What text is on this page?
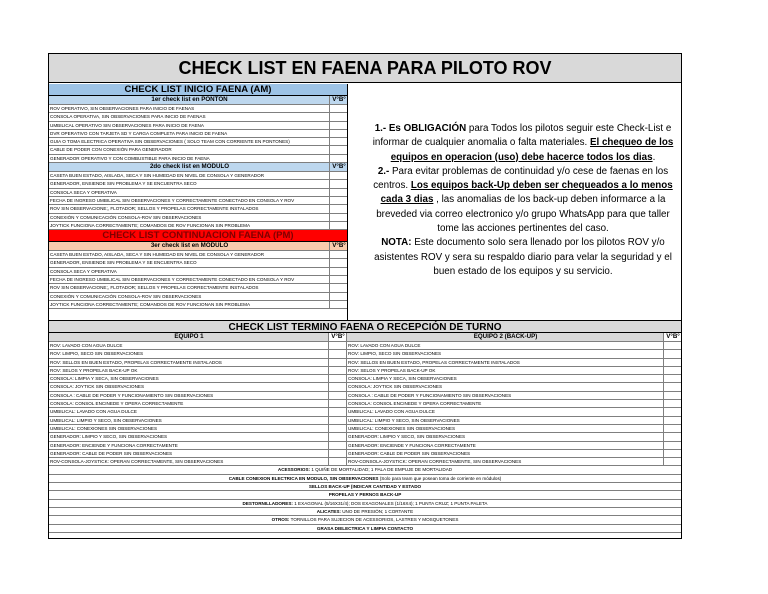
CHECK LIST EN FAENA PARA PILOTO ROV
CHECK LIST INICIO FAENA (AM)
1er check list en PONTON	V°B°
ROV OPERATIVO, SIN OBSERVACIONES PARA INICIO DE FAENAS
CONSOLA OPERATIVA, SIN OBSERVACIONES PARA INICIO DE FAENAS
UMBILICAL OPERATIVO SIN OBSERVACIONES PARA INICIO DE FAENA
DVR OPERATIVO CON TARJETA SD Y CARGA COMPLETA PARA INICIO DE FAENA
GUIA O TOMA ELECTRICA OPERATIVA SIN OBSERVACIONES ( SOLO TEAM CON CORRIENTE EN PONTONES)
CABLE DE PODER CON CONEXIÓN PARA GENERADOR
GENERADOR OPERATIVO Y CON COMBUSTIBLE PARA INICIO DE FAENA
2do check list en MODULO	V°B°
CASETA BUEN ESTADO, AISLADA, SECA Y SIN HUMEDAD EN NIVEL DE CONSOLA Y GENERADOR
GENERADOR, ENSIENDE SIN PROBLEMA Y SE ENCUENTRA SECO
CONSOLA SECA Y OPERATIVA
FECHA DE INGRESO UMBILICAL SIN OBSERVACIONES Y CORRECTAMENTE CONECTADO EN CONSOLA Y ROV
ROV SIN OBSERVACIONE;, FLOTADOR; SELLOS Y PROPELAS CORRECTAMENTE INSTALADOS
CONEXIÓN Y COMUNICACIÓN CONSOLA-ROV SIN OBSERVACIONES
JOYTICK FUNCIONA CORRECTAMENTE; COMANDOS DE ROV FUNCIONAN SIN PROBLEMA
CHECK LIST CONTINUACION FAENA (PM)
3er check list en MODULO	V°B°
CASETA BUEN ESTADO, AISLADA, SECA Y SIN HUMEDAD EN NIVEL DE CONSOLA Y GENERADOR
GENERADOR, ENSIENDE SIN PROBLEMA Y SE ENCUENTRA SECO
CONSOLA SECA Y OPERATIVA
FECHA DE INGRESO UMBILICAL SIN OBSERVACIONES Y CORRECTAMENTE CONECTADO EN CONSOLA Y ROV
ROV SIN OBSERVACIONE;, FLOTADOR; SELLOS Y PROPELAS CORRECTAMENTE INSTALADOS
CONEXIÓN Y COMUNICACIÓN CONSOLA-ROV SIN OBSERVACIONES
JOYTICK FUNCIONA CORRECTAMENTE; COMANDOS DE ROV FUNCIONAN SIN PROBLEMA

1.- Es OBLIGACIÓN para Todos los pilotos seguir este Check-List e informar de cualquier anomalia o falta materiales. El chequeo de los equipos en operacion (uso) debe hacerce todos los dias.

2.- Para evitar problemas de continuidad y/o cese de faenas en los centros. Los equipos back-Up deben ser chequeados a lo menos cada 3 dias , las anomalias de los back-up deben informarce a la breveded via correo electronico y/o grupo WhatsApp para que taller tome las acciones pertinentes del caso.

NOTA: Este documento solo sera llenado por los pilotos ROV y/o asistentes ROV y sera su respaldo diario para velar la seguridad y el buen estado de los equipos y su servicio.

CHECK LIST TERMINO FAENA O RECEPCIÓN DE TURNO
EQUIPO 1	V°B°	EQUIPO 2 (BACK-UP)	V°B°
ROV: LAVADO CON AGUA DULCE	ROV: LAVADO CON AGUA DULCE
ROV: LIMPIO, SECO SIN OBSERVACIONES	ROV: LIMPIO, SECO SIN OBSERVACIONES
ROV: SELLOS EN BUEN ESTADO, PROPELAS CORRECTAMENTE INSTALADOS	ROV: SELLOS EN BUEN ESTADO, PROPELAS CORRECTAMENTE INSTALADOS
ROV: SELOS Y PROPELAS BACK-UP OK	ROV: SELOS Y PROPELAS BACK-UP OK
CONSOLA: LIMPIA Y SECA, SIN OBSERVACIONES	CONSOLA: LIMPIA Y SECA, SIN OBSERVACIONES
CONSOLA: JOYTICK SIN OBSERVACIONES	CONSOLA: JOYTICK SIN OBSERVACIONES
CONSOLA : CABLE DE PODER Y FUNCIONAMIENTO SIN OBSERVACIONES	CONSOLA : CABLE DE PODER Y FUNCIONAMIENTO SIN OBSERVACIONES
CONSOLA: CONSOL ENCINEDE Y OPERA CORRECTAMENTE	CONSOLA: CONSOL ENCINEDE Y OPERA CORRECTAMENTE
UMBILICAL: LAVADO CON AGUA DULCE	UMBILICAL: LAVADO CON AGUA DULCE
UMBILICAL: LIMPIO Y SECO, SIN OBSERVACIONES	UMBILICAL: LIMPIO Y SECO, SIN OBSERVACIONES
UMBILICAL: CONEXIONES SIN OBSERVACIONES	UMBILICAL: CONEXIONES SIN OBSERVACIONES
GENERADOR: LIMPIO Y SECO, SIN OBSERVACIONES	GENERADOR: LIMPIO Y SECO, SIN OBSERVACIONES
GENERADOR: ENCIENDE Y FUNCIONA CORRECTAMENTE	GENERADOR: ENCIENDE Y FUNCIONA CORRECTAMENTE
GENERADOR: CABLE DE PODER SIN OBSERVACIONES	GENERADOR: CABLE DE PODER SIN OBSERVACIONES
ROV-CONSOLA-JOYSTICK: OPERAN CORRECTAMENTE, SIN OBSERVACIONES	ROV-CONSOLA-JOYSTICK: OPERAN CORRECTAMENTE, SIN OBSERVACIONES
ACESSORIOS: 1 QUIÑE DE MORTALIDAD; 1 PALA DE EMPUJE DE MORTALIDAD
CABLE CONEXION ELECTRICA EN MODULO, SIN OBSERVACIONES (Solo para team que posean toma de corriente en módulos)
SELLOS BACK-UP (INDICAR CANTIDAD Y ESTADO
PROPELAS Y PERNOS BACK-UP
DESTORNILLADORES: 1 EXAGONAL (5/16X31/4); DOS EXAGONALES (1/16X4); 1 PUNTA CRUZ; 1 PUNTA PALETA
ALICATES: UNO DE PRESIÓN; 1 CORTANTE
OTROS: TORNILLOS PARA SUJECION DE ACESSORIOS, LASTRES Y MOSQUETONES
GRASA DIELECTRICA Y LIMPIA CONTACTO
